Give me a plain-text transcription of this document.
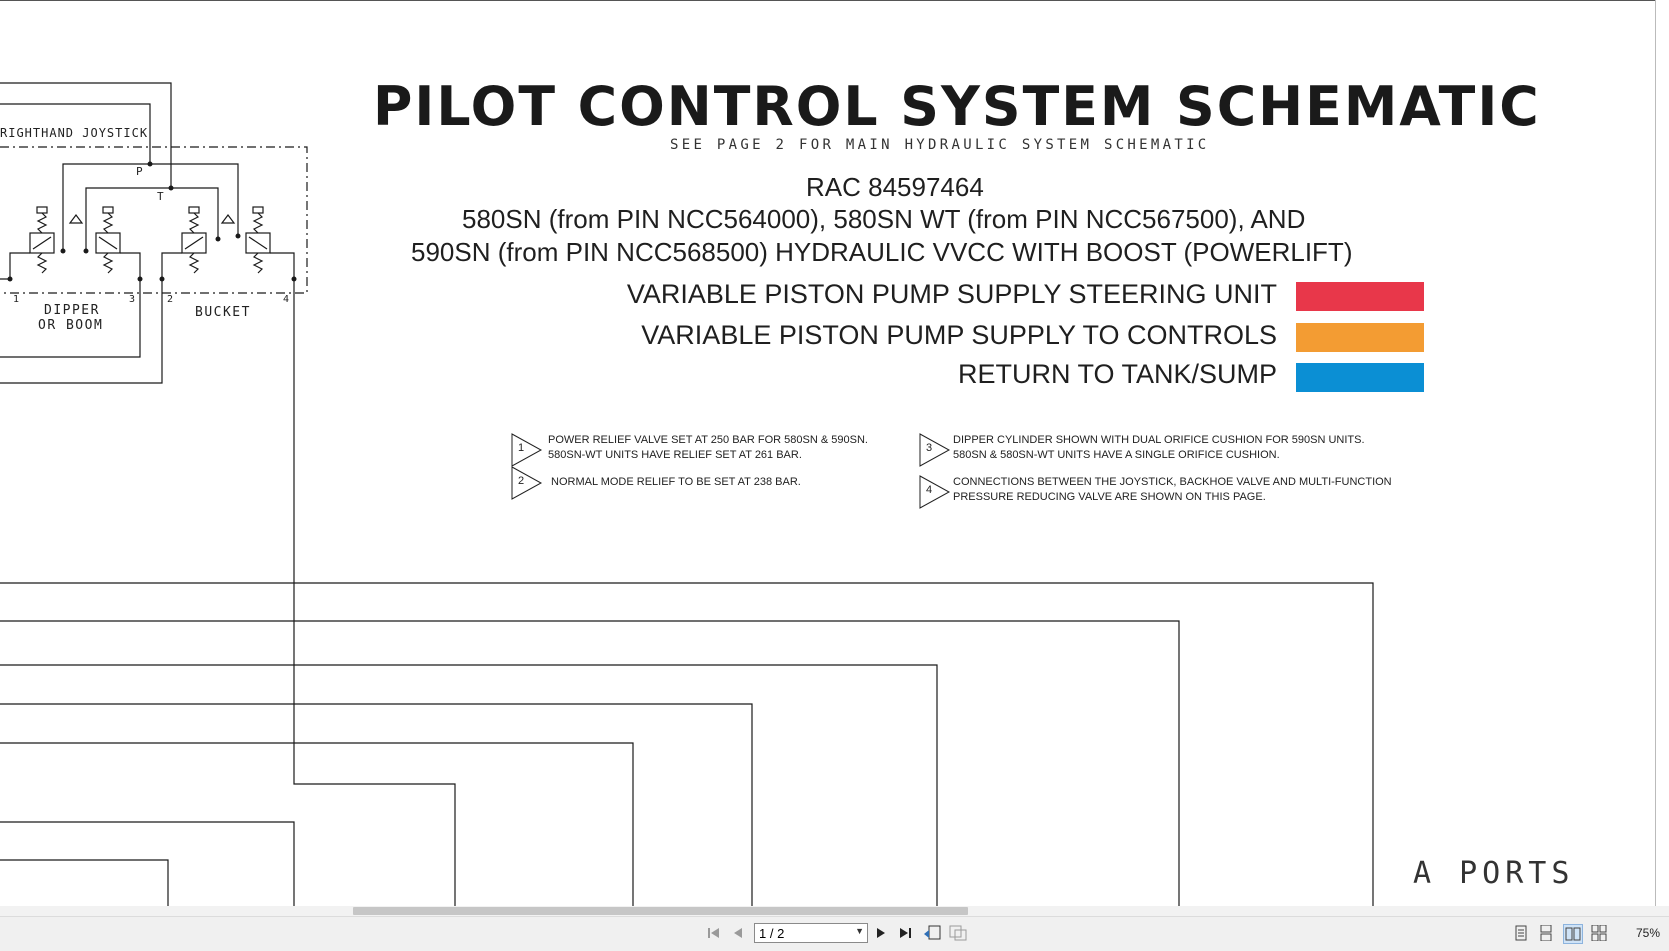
RIGHTHAND JOYSTICK
P
T
1	3	2	4
DIPPER
OR BOOM
BUCKET
A PORTS
PILOT CONTROL SYSTEM SCHEMATIC
SEE PAGE 2 FOR MAIN HYDRAULIC SYSTEM SCHEMATIC
RAC 84597464
580SN (from PIN NCC564000), 580SN WT (from PIN NCC567500), AND
590SN (from PIN NCC568500) HYDRAULIC VVCC WITH BOOST (POWERLIFT)
VARIABLE PISTON PUMP SUPPLY STEERING UNIT
VARIABLE PISTON PUMP SUPPLY TO CONTROLS
RETURN TO TANK/SUMP
1
POWER RELIEF VALVE SET AT 250 BAR FOR 580SN & 590SN.
580SN-WT UNITS HAVE RELIEF SET AT 261 BAR.
2 NORMAL MODE RELIEF TO BE SET AT 238 BAR.
3
DIPPER CYLINDER SHOWN WITH DUAL ORIFICE CUSHION FOR 590SN UNITS.
580SN & 580SN-WT UNITS HAVE A SINGLE ORIFICE CUSHION.
4
CONNECTIONS BETWEEN THE JOYSTICK, BACKHOE VALVE AND MULTI-FUNCTION
PRESSURE REDUCING VALVE ARE SHOWN ON THIS PAGE.
1 / 2	▼	75%
